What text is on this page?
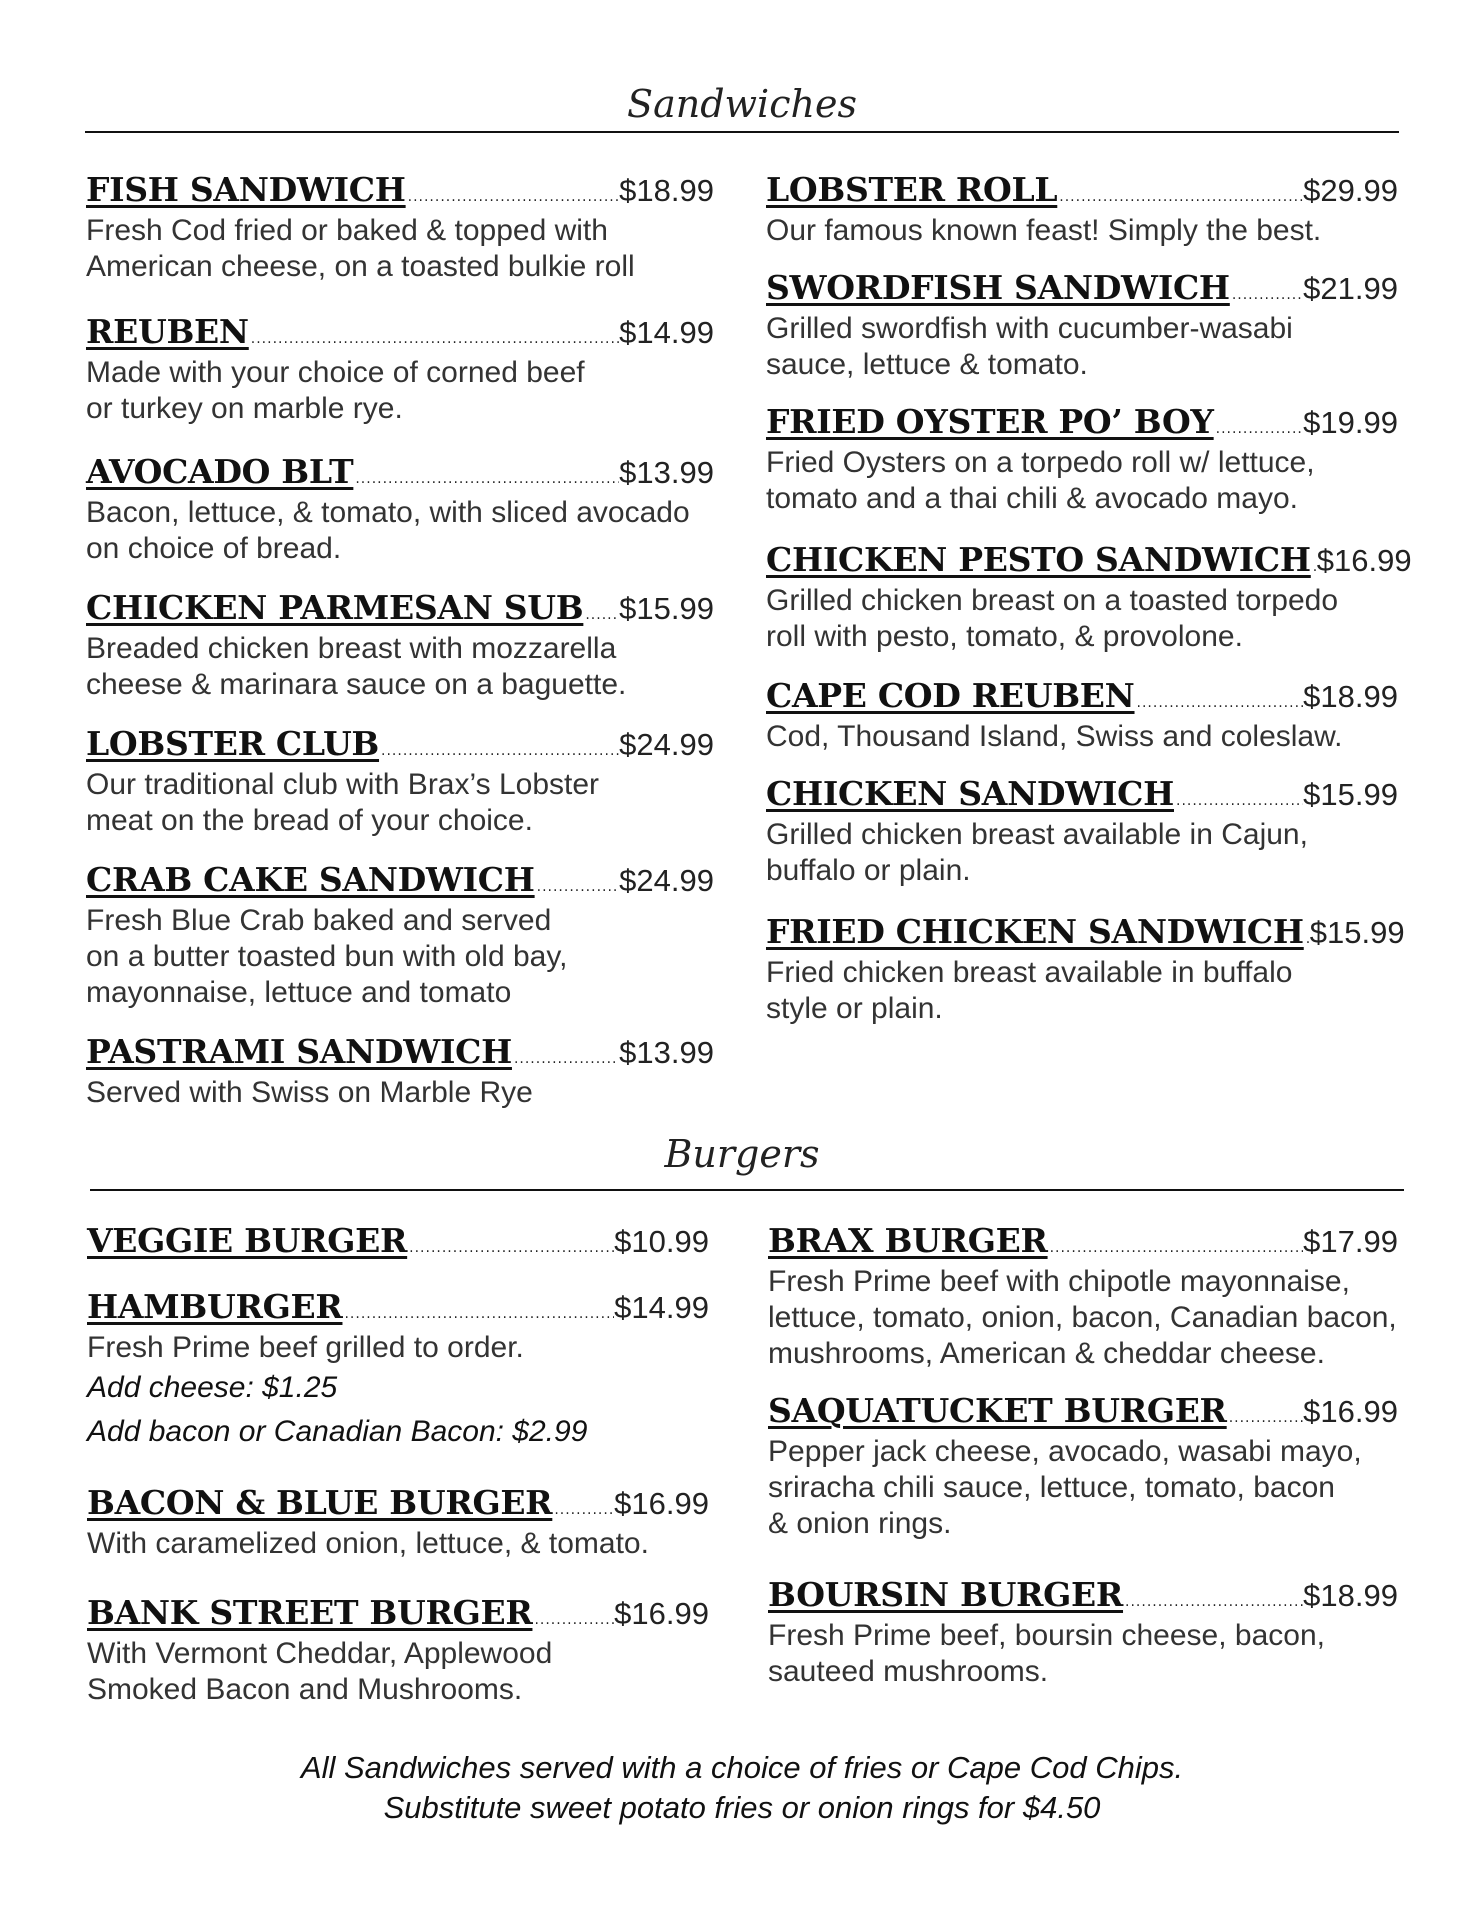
Sandwiches
FISH SANDWICH .....	$18.99
Fresh Cod fried or baked & topped with
American cheese, on a toasted bulkie roll
REUBEN .....	$14.99
Made with your choice of corned beef
or turkey on marble rye.
AVOCADO BLT .....	$13.99
Bacon, lettuce, & tomato, with sliced avocado
on choice of bread.
CHICKEN PARMESAN SUB ..... $15.99
Breaded chicken breast with mozzarella
cheese & marinara sauce on a baguette.
LOBSTER CLUB .....	$24.99
Our traditional club with Brax’s Lobster
meat on the bread of your choice.
CRAB CAKE SANDWICH .....	$24.99
Fresh Blue Crab baked and served
on a butter toasted bun with old bay,
mayonnaise, lettuce and tomato
PASTRAMI SANDWICH .....	$13.99
Served with Swiss on Marble Rye
LOBSTER ROLL .....	$29.99
Our famous known feast! Simply the best.
SWORDFISH SANDWICH ..... $21.99
Grilled swordfish with cucumber-wasabi
sauce, lettuce & tomato.
FRIED OYSTER PO’ BOY .....	$19.99
Fried Oysters on a torpedo roll w/ lettuce,
tomato and a thai chili & avocado mayo.
CHICKEN PESTO SANDWICH ..... $16.99
Grilled chicken breast on a toasted torpedo
roll with pesto, tomato, & provolone.
CAPE COD REUBEN .....	$18.99
Cod, Thousand Island, Swiss and coleslaw.
CHICKEN SANDWICH .....	$15.99
Grilled chicken breast available in Cajun,
buffalo or plain.
FRIED CHICKEN SANDWICH ..... $15.99
Fried chicken breast available in buffalo
style or plain.
Burgers
VEGGIE BURGER .....	$10.99
HAMBURGER .....	$14.99
Fresh Prime beef grilled to order.
Add cheese: $1.25
Add bacon or Canadian Bacon: $2.99
BACON & BLUE BURGER ..... $16.99
With caramelized onion, lettuce, & tomato.
BANK STREET BURGER .....	$16.99
With Vermont Cheddar, Applewood
Smoked Bacon and Mushrooms.
BRAX BURGER .....	$17.99
Fresh Prime beef with chipotle mayonnaise,
lettuce, tomato, onion, bacon, Canadian bacon,
mushrooms, American & cheddar cheese.
SAQUATUCKET BURGER ..... $16.99
Pepper jack cheese, avocado, wasabi mayo,
sriracha chili sauce, lettuce, tomato, bacon
& onion rings.
BOURSIN BURGER .....	$18.99
Fresh Prime beef, boursin cheese, bacon,
sauteed mushrooms.
All Sandwiches served with a choice of fries or Cape Cod Chips.
Substitute sweet potato fries or onion rings for $4.50
